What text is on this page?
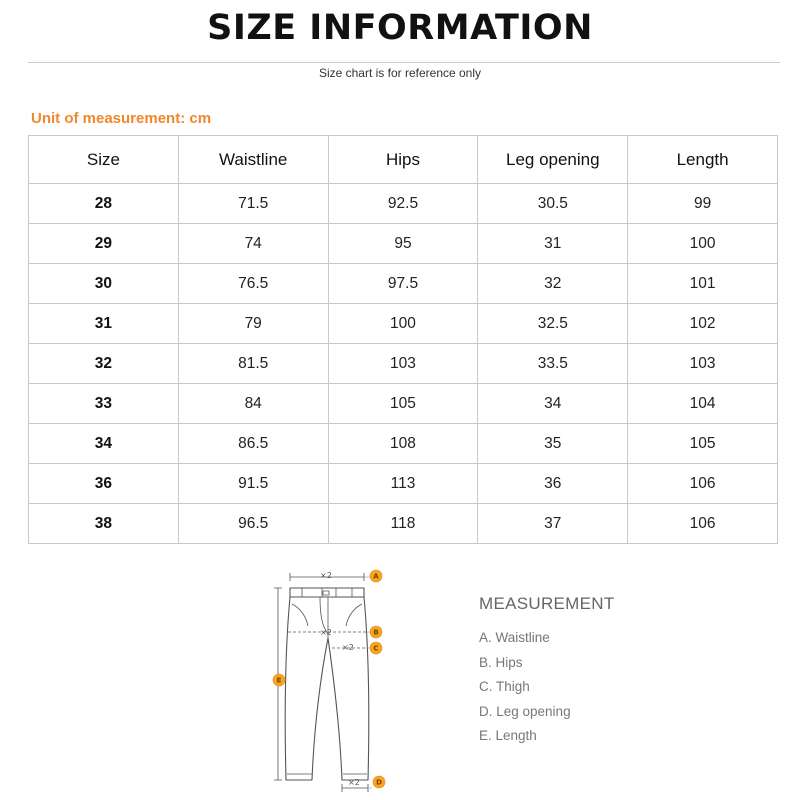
SIZE INFORMATION
Size chart is for reference only
Unit of measurement: cm
Size	Waistline	Hips	Leg opening	Length
28	71.5	92.5	30.5	99
29	74	95	31	100
30	76.5	97.5	32	101
31	79	100	32.5	102
32	81.5	103	33.5	103
33	84	105	34	104
34	86.5	108	35	105
36	91.5	113	36	106
38	96.5	118	37	106
×2
×2
×2
×2
A
B
C
D
E
MEASUREMENT
A. Waistline
B. Hips
C. Thigh
D. Leg opening
E. Length
